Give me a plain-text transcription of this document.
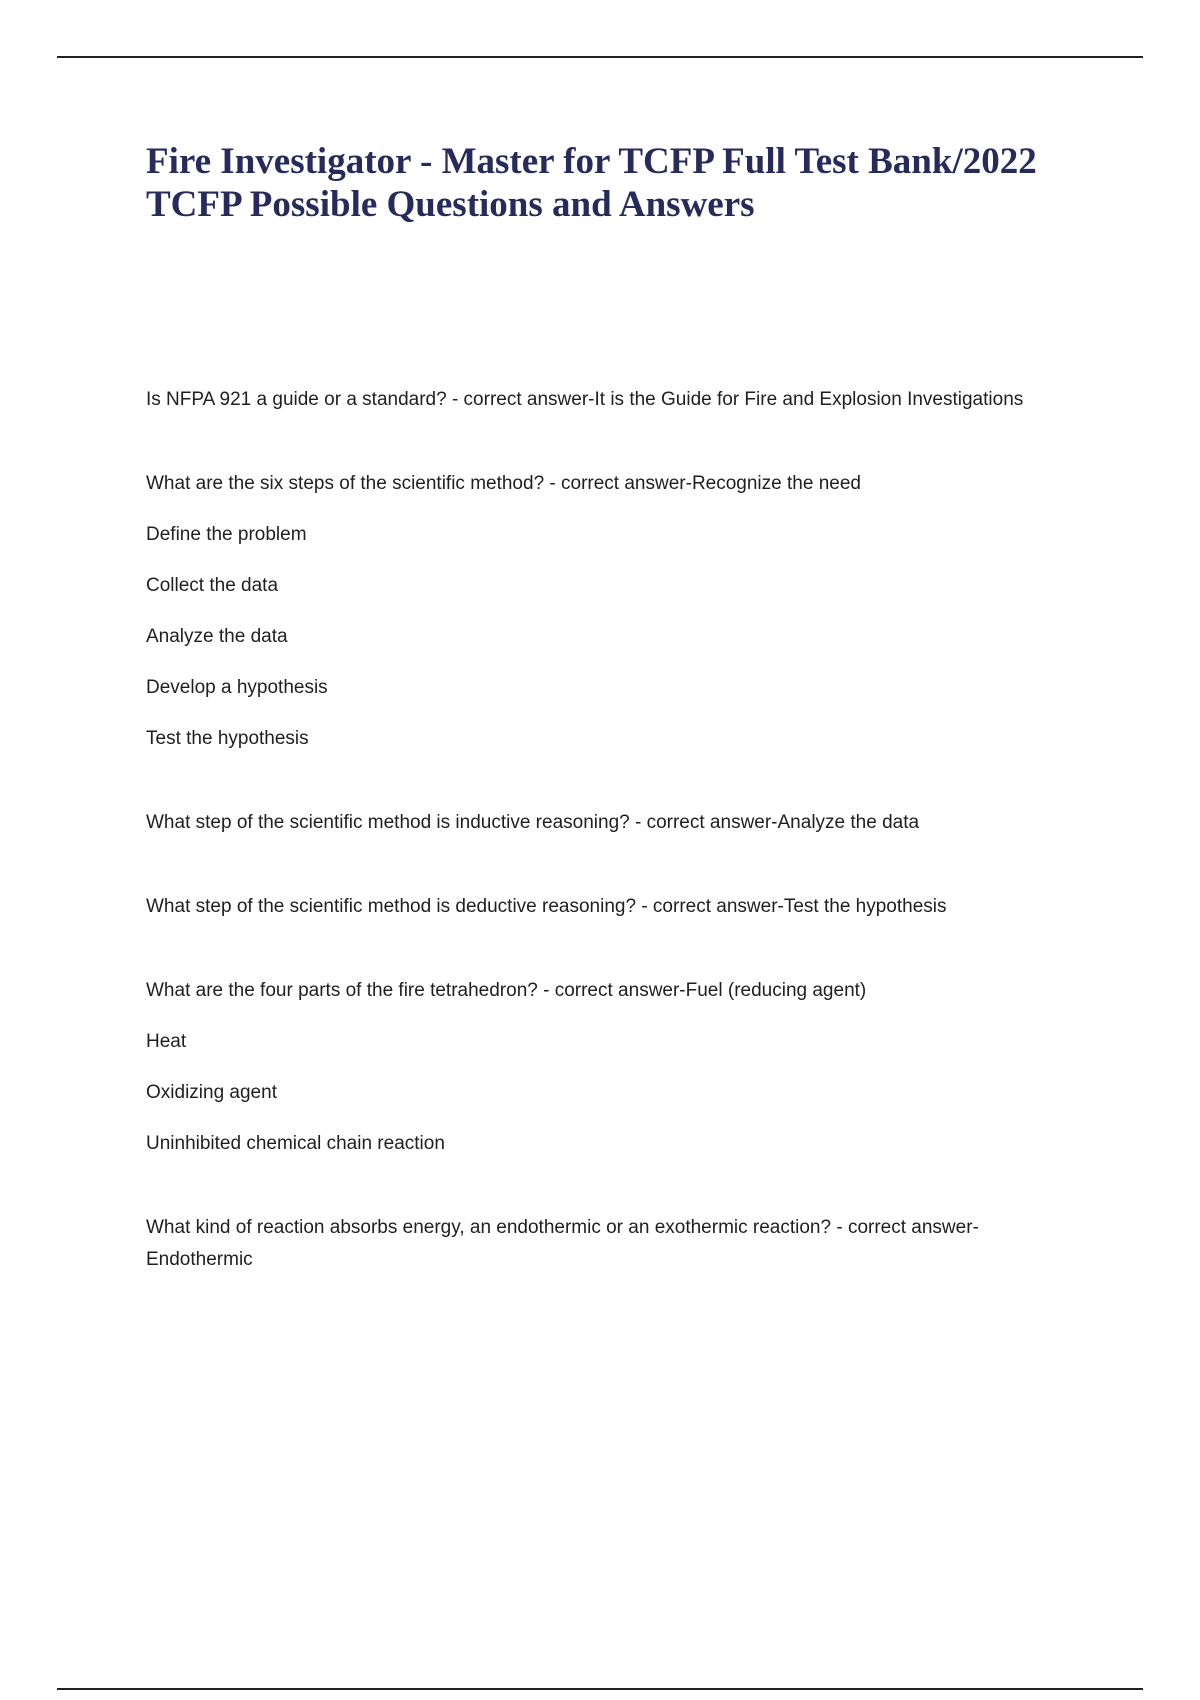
Fire Investigator - Master for TCFP Full Test Bank/2022 TCFP Possible Questions and Answers

Is NFPA 921 a guide or a standard? - correct answer-It is the Guide for Fire and Explosion Investigations

What are the six steps of the scientific method? - correct answer-Recognize the need

Define the problem

Collect the data

Analyze the data

Develop a hypothesis

Test the hypothesis

What step of the scientific method is inductive reasoning? - correct answer-Analyze the data

What step of the scientific method is deductive reasoning? - correct answer-Test the hypothesis

What are the four parts of the fire tetrahedron? - correct answer-Fuel (reducing agent)

Heat

Oxidizing agent

Uninhibited chemical chain reaction

What kind of reaction absorbs energy, an endothermic or an exothermic reaction? - correct answer-

Endothermic
